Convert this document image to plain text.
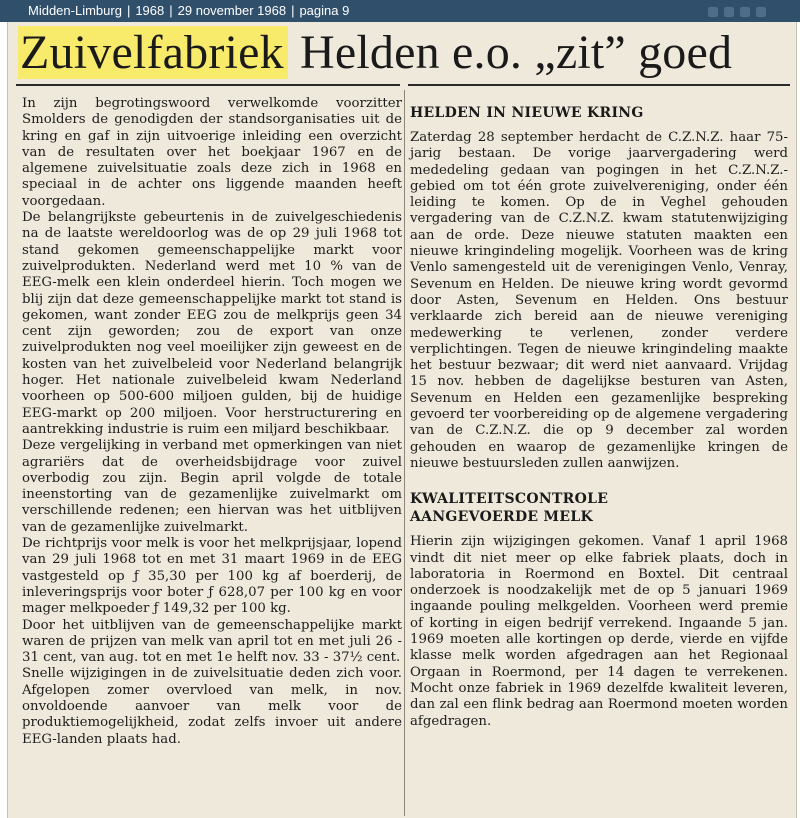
Midden-Limburg | 1968 | 29 november 1968 | pagina 9
Zuivelfabriek Helden e.o. „zit” goed

In zijn begrotingswoord verwelkomde voorzitter Smolders de genodigden der standsorganisaties uit de kring en gaf in zijn uitvoerige inleiding een overzicht van de resultaten over het boekjaar 1967 en de algemene zuivelsituatie zoals deze zich in 1968 en speciaal in de achter ons liggende maanden heeft voorgedaan.

De belangrijkste gebeurtenis in de zuivelgeschiedenis na de laatste wereldoorlog was de op 29 juli 1968 tot stand gekomen gemeenschappelijke markt voor zuivelprodukten. Nederland werd met 10 % van de EEG-melk een klein onderdeel hierin. Toch mogen we blij zijn dat deze gemeenschappelijke markt tot stand is gekomen, want zonder EEG zou de melkprijs geen 34 cent zijn geworden; zou de export van onze zuivelprodukten nog veel moeilijker zijn geweest en de kosten van het zuivelbeleid voor Nederland belangrijk hoger. Het nationale zuivelbeleid kwam Nederland voorheen op 500-600 miljoen gulden, bij de huidige EEG-markt op 200 miljoen. Voor herstructurering en aantrekking industrie is ruim een miljard beschikbaar.

Deze vergelijking in verband met opmerkingen van niet agrariërs dat de overheidsbijdrage voor zuivel overbodig zou zijn. Begin april volgde de totale ineenstorting van de gezamenlijke zuivelmarkt om verschillende redenen; een hiervan was het uitblijven van de gezamenlijke zuivelmarkt.

De richtprijs voor melk is voor het melkprijsjaar, lopend van 29 juli 1968 tot en met 31 maart 1969 in de EEG vastgesteld op ƒ 35,30 per 100 kg af boerderij, de inleveringsprijs voor boter ƒ 628,07 per 100 kg en voor mager melkpoeder ƒ 149,32 per 100 kg.

Door het uitblijven van de gemeenschappelijke markt waren de prijzen van melk van april tot en met juli 26 - 31 cent, van aug. tot en met 1e helft nov. 33 - 37½ cent.

Snelle wijzigingen in de zuivelsituatie deden zich voor. Afgelopen zomer overvloed van melk, in nov. onvoldoende aanvoer van melk voor de produktiemogelijkheid, zodat zelfs invoer uit andere EEG-landen plaats had.

HELDEN IN NIEUWE KRING

Zaterdag 28 september herdacht de C.Z.N.Z. haar 75-jarig bestaan. De vorige jaarvergadering werd mededeling gedaan van pogingen in het C.Z.N.Z.-gebied om tot één grote zuivelvereniging, onder één leiding te komen. Op de in Veghel gehouden vergadering van de C.Z.N.Z. kwam statutenwijziging aan de orde. Deze nieuwe statuten maakten een nieuwe kringindeling mogelijk. Voorheen was de kring Venlo samengesteld uit de verenigingen Venlo, Venray, Sevenum en Helden. De nieuwe kring wordt gevormd door Asten, Sevenum en Helden. Ons bestuur verklaarde zich bereid aan de nieuwe vereniging medewerking te verlenen, zonder verdere verplichtingen. Tegen de nieuwe kringindeling maakte het bestuur bezwaar; dit werd niet aanvaard. Vrijdag 15 nov. hebben de dagelijkse besturen van Asten, Sevenum en Helden een gezamenlijke bespreking gevoerd ter voorbereiding op de algemene vergadering van de C.Z.N.Z. die op 9 december zal worden gehouden en waarop de gezamenlijke kringen de nieuwe bestuursleden zullen aanwijzen.

KWALITEITSCONTROLE

AANGEVOERDE MELK

Hierin zijn wijzigingen gekomen. Vanaf 1 april 1968 vindt dit niet meer op elke fabriek plaats, doch in laboratoria in Roermond en Boxtel. Dit centraal onderzoek is noodzakelijk met de op 5 januari 1969 ingaande pouling melkgelden. Voorheen werd premie of korting in eigen bedrijf verrekend. Ingaande 5 jan. 1969 moeten alle kortingen op derde, vierde en vijfde klasse melk worden afgedragen aan het Regionaal Orgaan in Roermond, per 14 dagen te verrekenen. Mocht onze fabriek in 1969 dezelfde kwaliteit leveren, dan zal een flink bedrag aan Roermond moeten worden afgedragen.
